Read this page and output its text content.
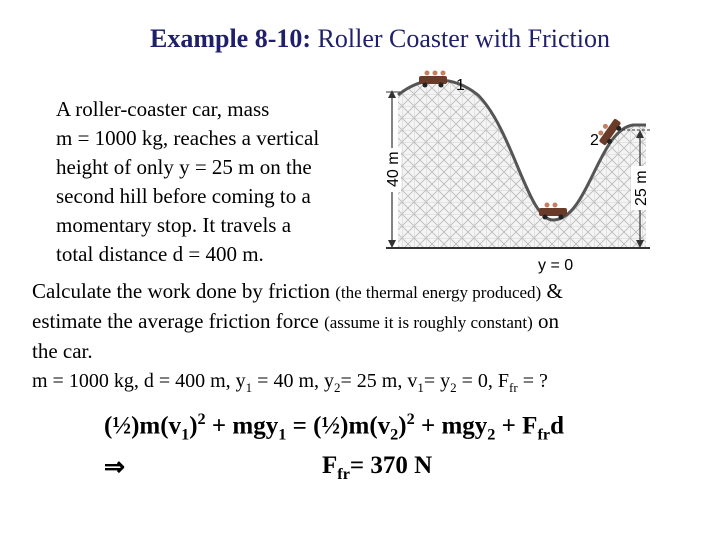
Example 8-10: Roller Coaster with Friction
A roller-coaster car, mass
m = 1000 kg, reaches a vertical
height of only y = 25 m on the
second hill before coming to a
momentary stop. It travels a
total distance d = 400 m.
Calculate the work done by friction (the thermal energy produced) &
estimate the average friction force (assume it is roughly constant) on
the car.
m = 1000 kg, d = 400 m, $y_1 = 40$ m, $y_2= 25$ m, $v_1= y_2 = 0$, $F_{fr}$ = ?
$(\frac{1}{2})m(v_1)^2 + mgy_1$ = $(\frac{1}{2})m(v_2)^2 + mgy_2 + F_{fr}d$
⇒	$F_{fr}= 370$ N
1
2
40 m
25 m
y = 0
